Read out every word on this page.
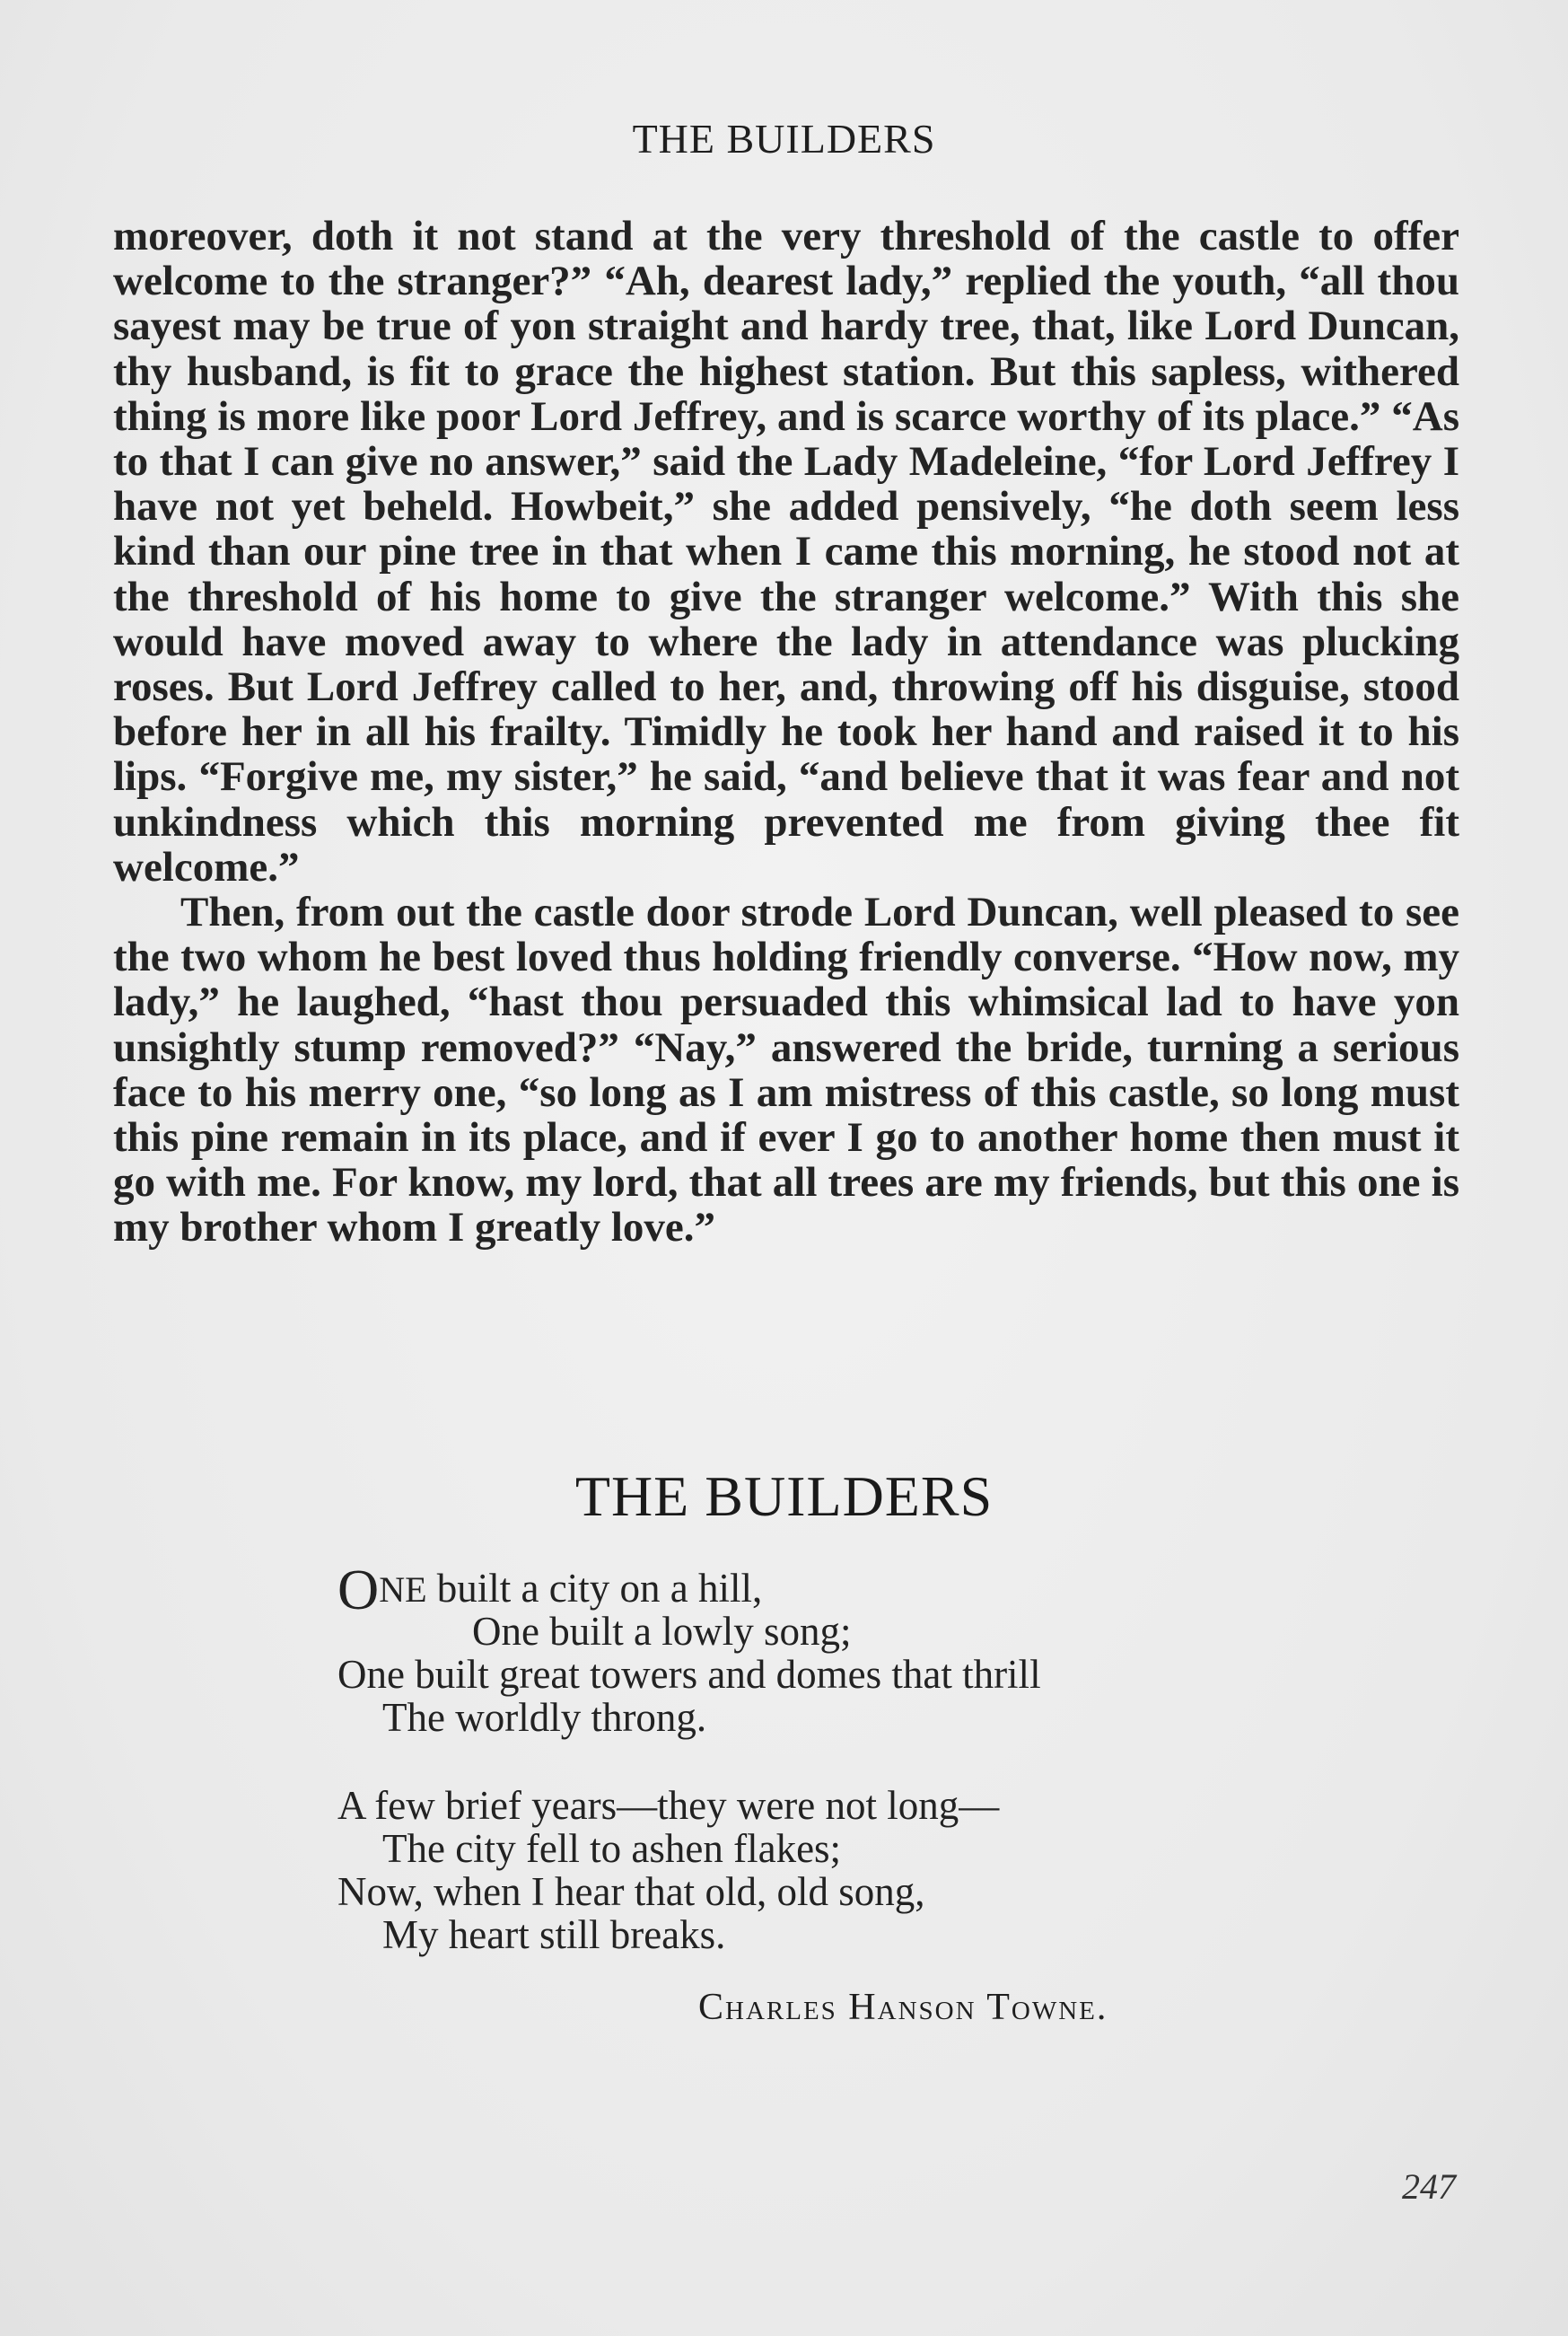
THE BUILDERS

moreover, doth it not stand at the very threshold of the castle to offer welcome to the stranger?” “Ah, dearest lady,” replied the youth, “all thou sayest may be true of yon straight and hardy tree, that, like Lord Duncan, thy husband, is fit to grace the highest station. But this sapless, withered thing is more like poor Lord Jeffrey, and is scarce worthy of its place.” “As to that I can give no answer,” said the Lady Madeleine, “for Lord Jeffrey I have not yet beheld. Howbeit,” she added pensively, “he doth seem less kind than our pine tree in that when I came this morning, he stood not at the threshold of his home to give the stranger welcome.” With this she would have moved away to where the lady in attendance was plucking roses. But Lord Jeffrey called to her, and, throwing off his disguise, stood before her in all his frailty. Timidly he took her hand and raised it to his lips. “Forgive me, my sister,” he said, “and believe that it was fear and not unkindness which this morning prevented me from giving thee fit welcome.”

Then, from out the castle door strode Lord Duncan, well pleased to see the two whom he best loved thus holding friendly converse. “How now, my lady,” he laughed, “hast thou persuaded this whimsical lad to have yon unsightly stump removed?” “Nay,” answered the bride, turning a serious face to his merry one, “so long as I am mistress of this castle, so long must this pine remain in its place, and if ever I go to another home then must it go with me. For know, my lord, that all trees are my friends, but this one is my brother whom I greatly love.”

THE BUILDERS
ONE built a city on a hill,
One built a lowly song;
One built great towers and domes that thrill
The worldly throng.
A few brief years—they were not long—
The city fell to ashen flakes;
Now, when I hear that old, old song,
My heart still breaks.
Charles Hanson Towne.
247
